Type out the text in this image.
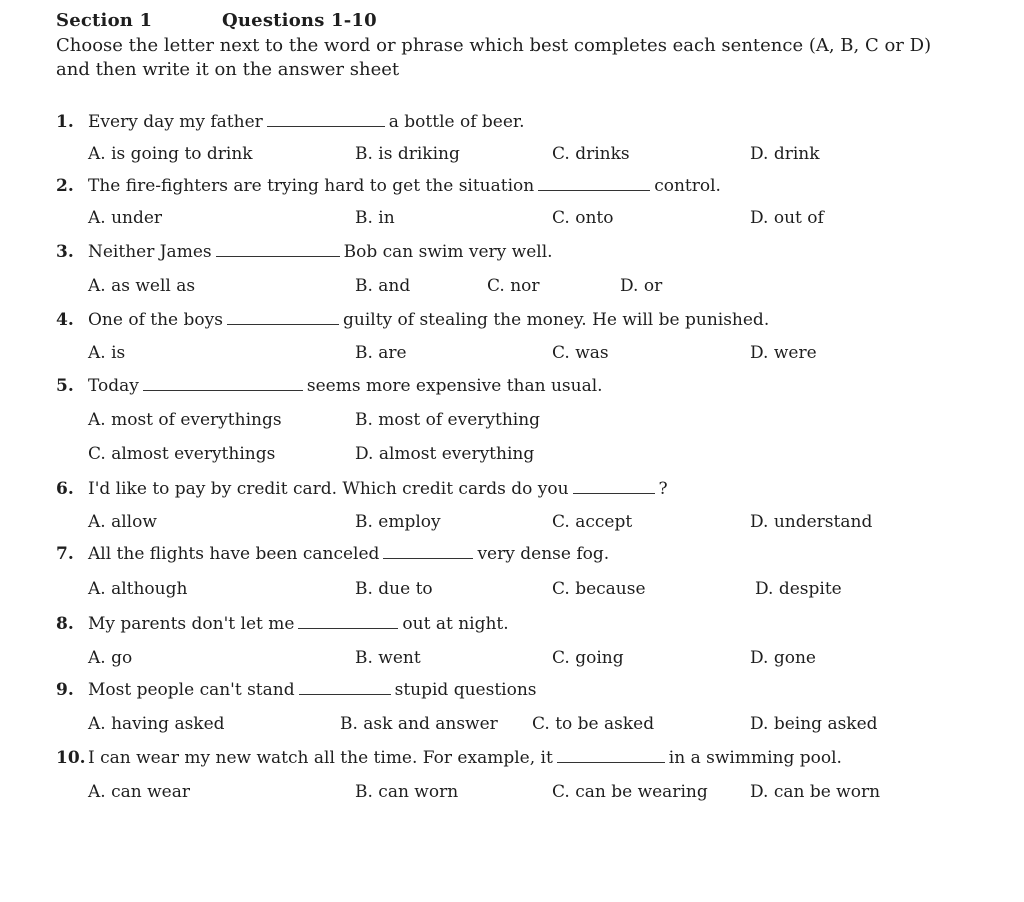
Section 1	Questions 1-10
Choose the letter next to the word or phrase which best completes each sentence (A, B, C or D) and then write it on the answer sheet
1. Every day my father	a bottle of beer.
A. is going to drink	B. is driking	C. drinks	D. drink
2. The fire-fighters are trying hard to get the situation	control.
A. under	B. in	C. onto	D. out of
3. Neither James	Bob can swim very well.
A. as well as	B. and	C. nor	D. or
4. One of the boys	guilty of stealing the money. He will be punished.
A. is	B. are	C. was	D. were
5. Today	seems more expensive than usual.
A. most of everythings	B. most of everything
C. almost everythings	D. almost everything
6. I'd like to pay by credit card. Which credit cards do you	?
A. allow	B. employ	C. accept	D. understand
7. All the flights have been canceled	very dense fog.
A. although	B. due to	C. because	D. despite
8. My parents don't let me	out at night.
A. go	B. went	C. going	D. gone
9. Most people can't stand	stupid questions
A. having asked	B. ask and answer C. to be asked	D. being asked
10. I can wear my new watch all the time. For example, it	in a swimming pool.
A. can wear	B. can worn	C. can be wearing D. can be worn
